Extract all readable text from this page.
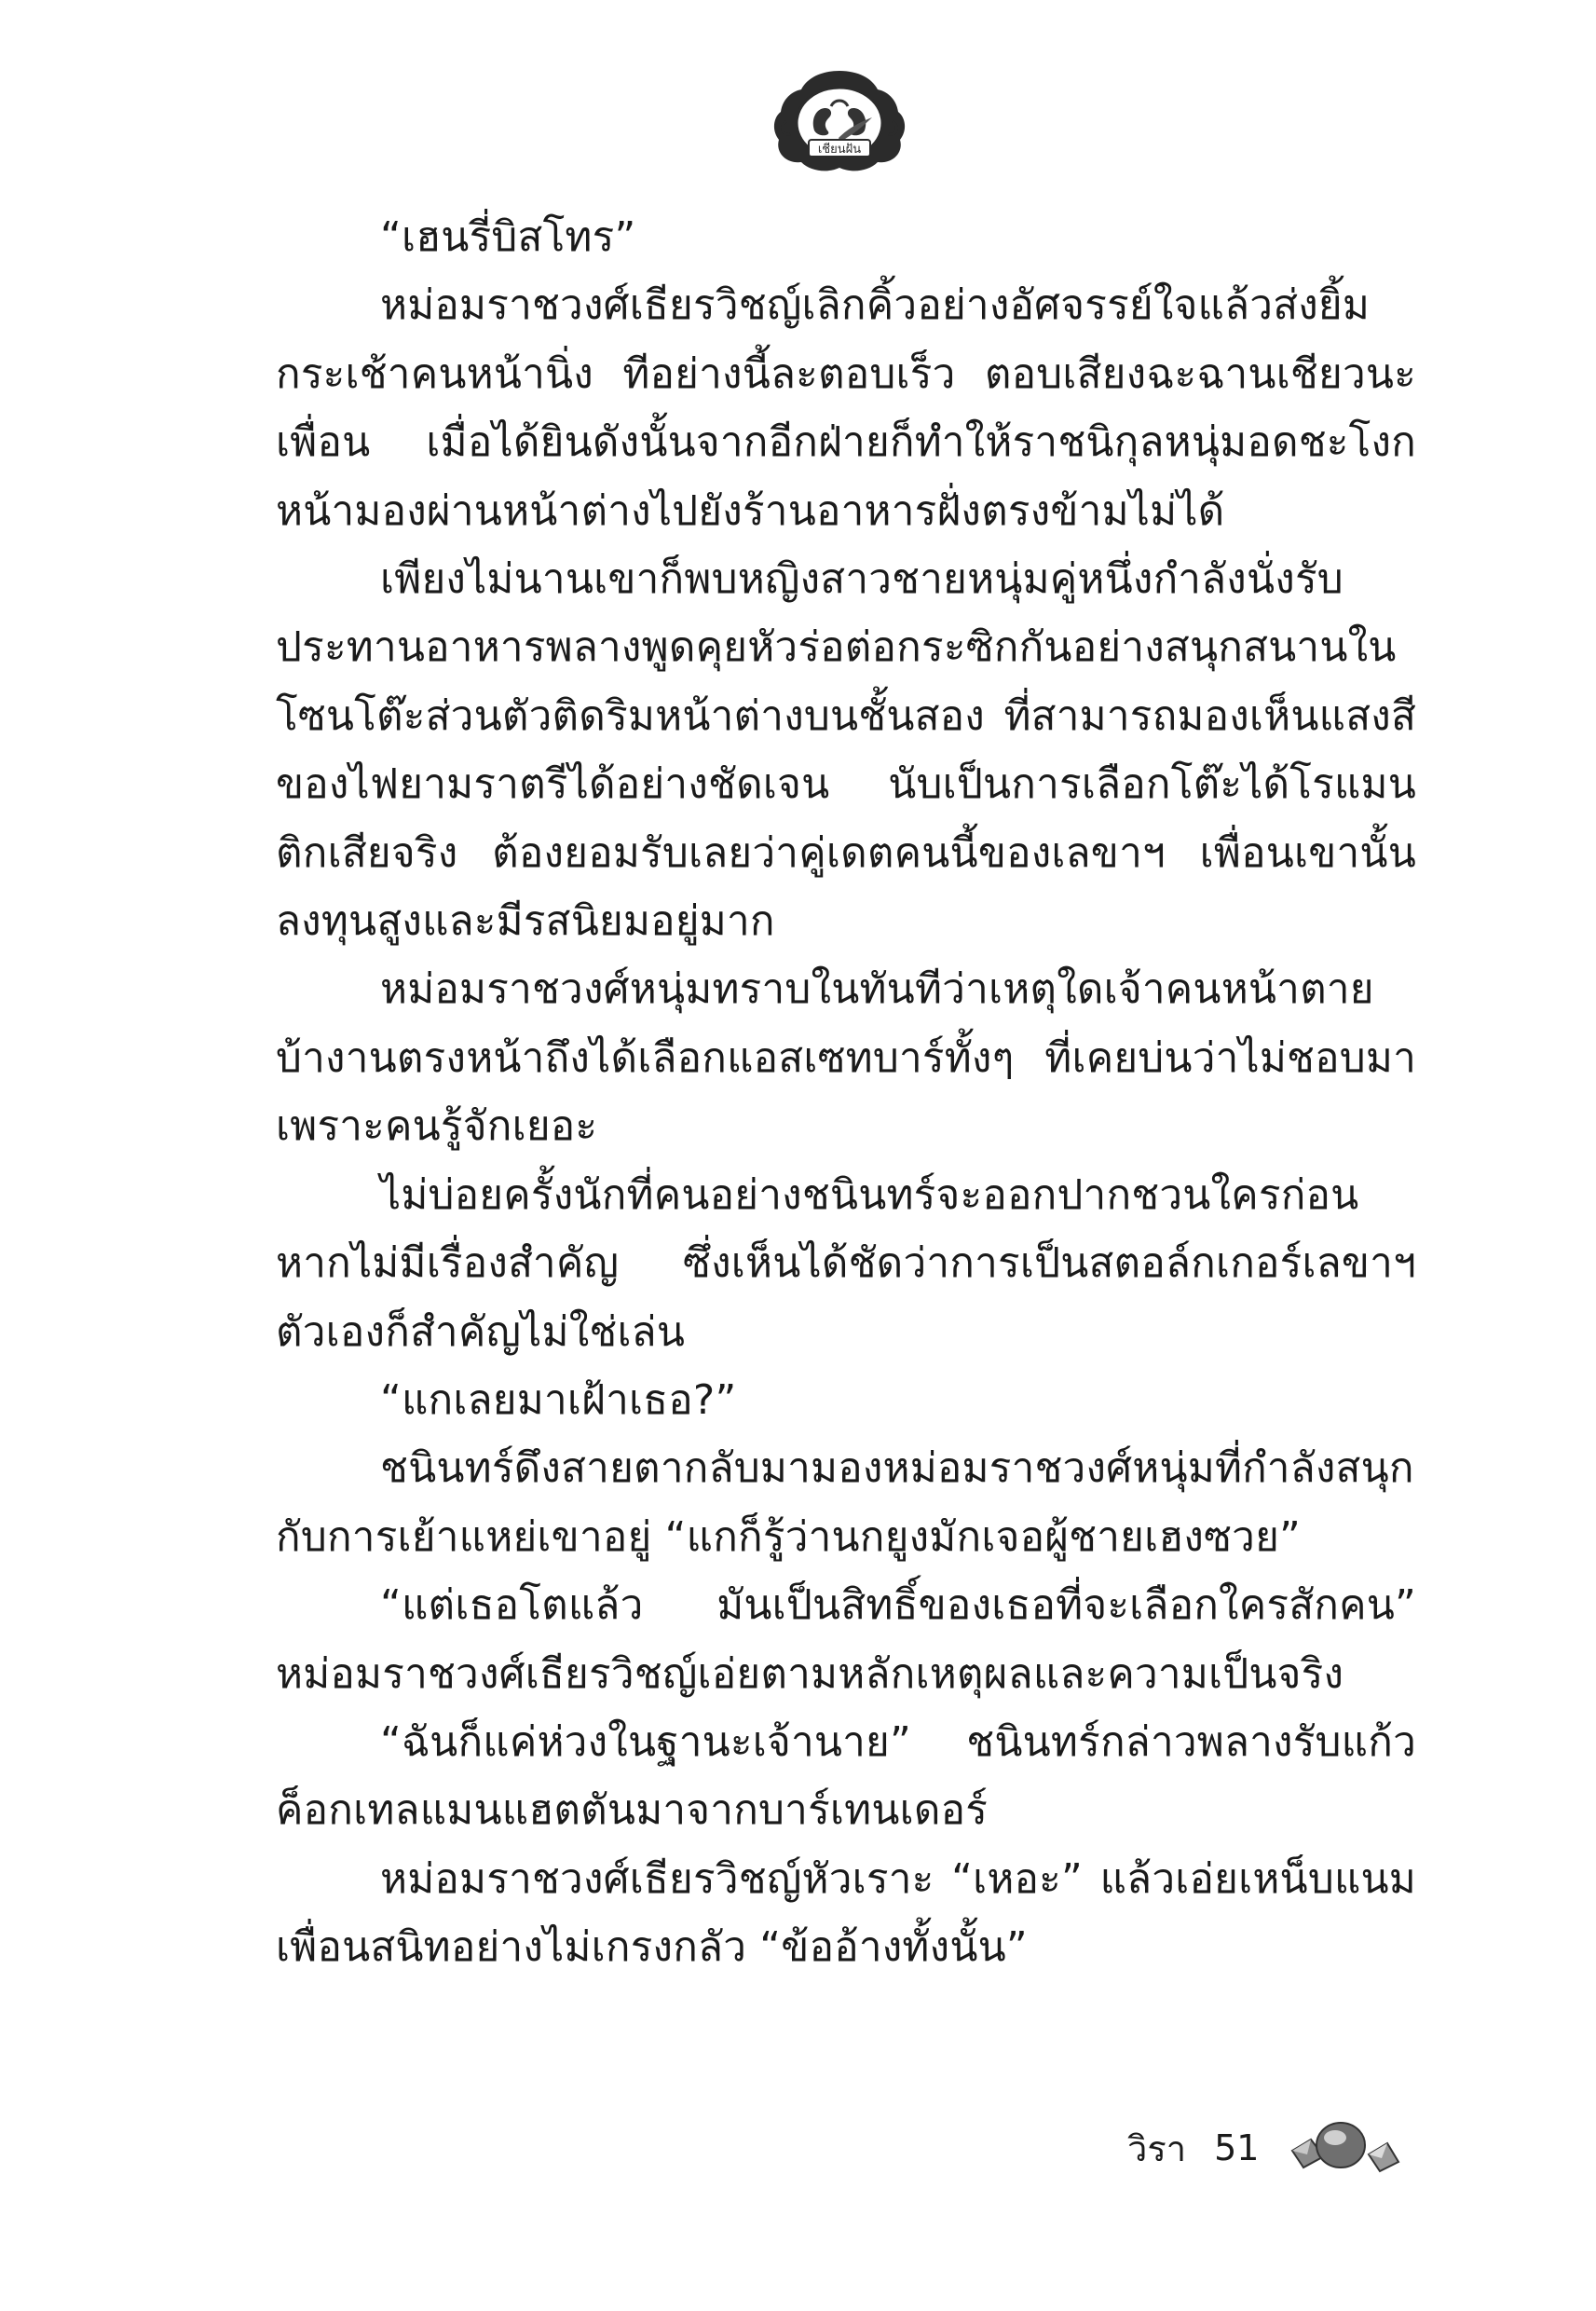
เชียนฝัน

“เฮนรี่บิสโทร”

หม่อมราชวงศ์เธียรวิชญ์เลิกคิ้วอย่างอัศจรรย์ใจแล้วส่งยิ้มกระเช้าคนหน้านิ่ง ทีอย่างนี้ละตอบเร็ว ตอบเสียงฉะฉานเชียวนะเพื่อน เมื่อได้ยินดังนั้นจากอีกฝ่ายก็ทำให้ราชนิกุลหนุ่มอดชะโงกหน้ามองผ่านหน้าต่างไปยังร้านอาหารฝั่งตรงข้ามไม่ได้

เพียงไม่นานเขาก็พบหญิงสาวชายหนุ่มคู่หนึ่งกำลังนั่งรับประทานอาหารพลางพูดคุยหัวร่อต่อกระซิกกันอย่างสนุกสนานในโซนโต๊ะส่วนตัวติดริมหน้าต่างบนชั้นสอง ที่สามารถมองเห็นแสงสีของไฟยามราตรีได้อย่างชัดเจน นับเป็นการเลือกโต๊ะได้โรแมนติกเสียจริง ต้องยอมรับเลยว่าคู่เดตคนนี้ของเลขาฯ เพื่อนเขานั้นลงทุนสูงและมีรสนิยมอยู่มาก

หม่อมราชวงศ์หนุ่มทราบในทันทีว่าเหตุใดเจ้าคนหน้าตายบ้างานตรงหน้าถึงได้เลือกแอสเซทบาร์ทั้งๆ ที่เคยบ่นว่าไม่ชอบมาเพราะคนรู้จักเยอะ

ไม่บ่อยครั้งนักที่คนอย่างชนินทร์จะออกปากชวนใครก่อนหากไม่มีเรื่องสำคัญ ซึ่งเห็นได้ชัดว่าการเป็นสตอล์กเกอร์เลขาฯ ตัวเองก็สำคัญไม่ใช่เล่น

“แกเลยมาเฝ้าเธอ?”

ชนินทร์ดึงสายตากลับมามองหม่อมราชวงศ์หนุ่มที่กำลังสนุกกับการเย้าแหย่เขาอยู่ “แกก็รู้ว่านกยูงมักเจอผู้ชายเฮงซวย”

“แต่เธอโตแล้ว มันเป็นสิทธิ์ของเธอที่จะเลือกใครสักคน” หม่อมราชวงศ์เธียรวิชญ์เอ่ยตามหลักเหตุผลและความเป็นจริง

“ฉันก็แค่ห่วงในฐานะเจ้านาย” ชนินทร์กล่าวพลางรับแก้วค็อกเทลแมนแฮตตันมาจากบาร์เทนเดอร์

หม่อมราชวงศ์เธียรวิชญ์หัวเราะ “เหอะ” แล้วเอ่ยเหน็บแนมเพื่อนสนิทอย่างไม่เกรงกลัว “ข้ออ้างทั้งนั้น”

วิรา 51
